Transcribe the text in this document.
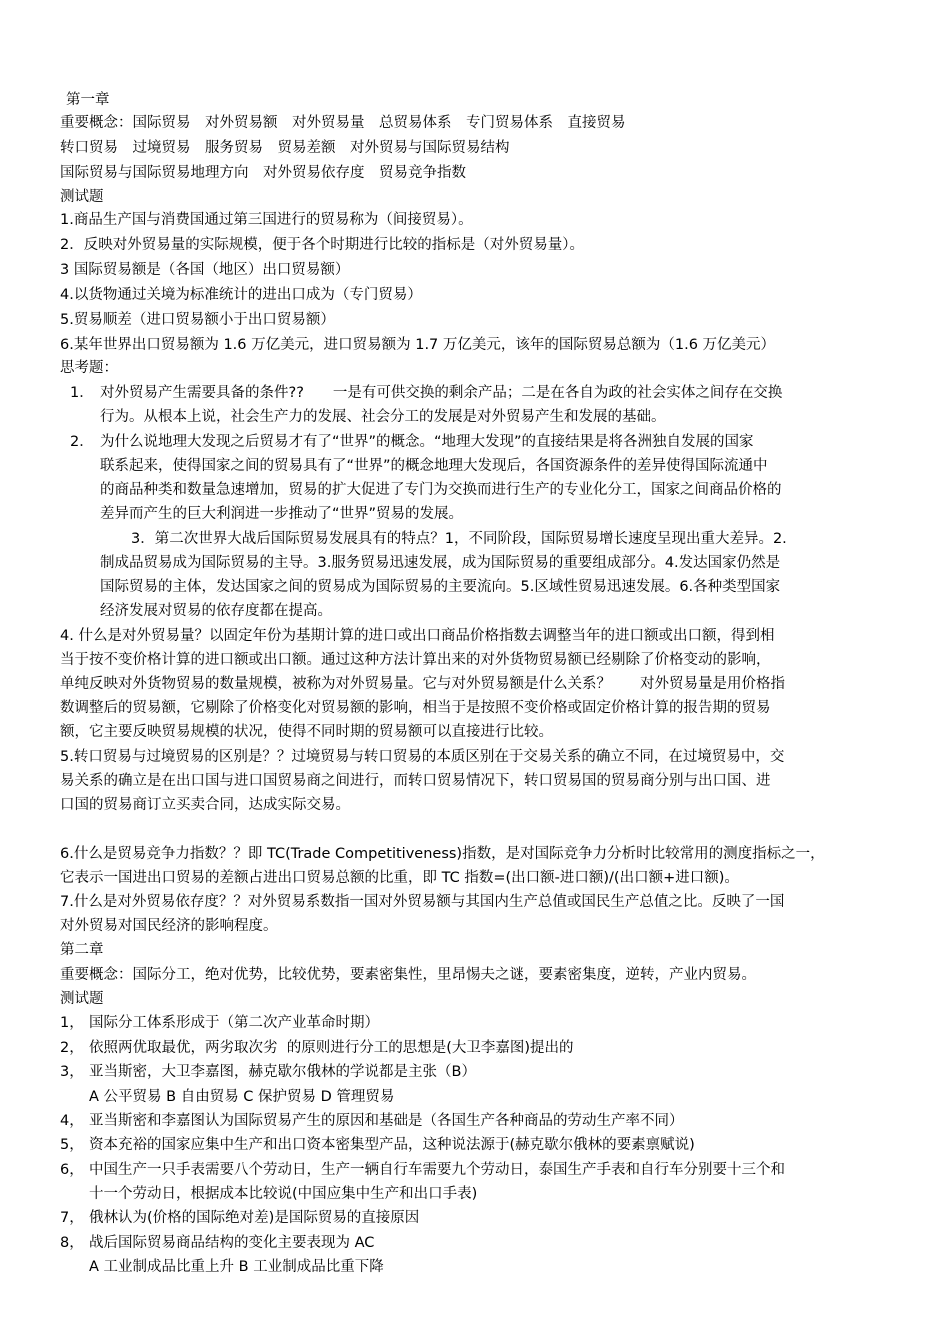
第一章
重要概念：国际贸易　对外贸易额　对外贸易量　总贸易体系　专门贸易体系　直接贸易
转口贸易　过境贸易　服务贸易　贸易差额　对外贸易与国际贸易结构
国际贸易与国际贸易地理方向　对外贸易依存度　贸易竞争指数
测试题
1.商品生产国与消费国通过第三国进行的贸易称为（间接贸易）。
2．反映对外贸易量的实际规模，便于各个时期进行比较的指标是（对外贸易量）。
3 国际贸易额是（各国（地区）出口贸易额）
4.以货物通过关境为标准统计的进出口成为（专门贸易）
5.贸易顺差（进口贸易额小于出口贸易额）
6.某年世界出口贸易额为 1.6 万亿美元，进口贸易额为 1.7 万亿美元，该年的国际贸易总额为（1.6 万亿美元）
思考题：
1． 对外贸易产生需要具备的条件??　　一是有可供交换的剩余产品；二是在各自为政的社会实体之间存在交换
行为。从根本上说，社会生产力的发展、社会分工的发展是对外贸易产生和发展的基础。
2． 为什么说地理大发现之后贸易才有了“世界”的概念。“地理大发现”的直接结果是将各洲独自发展的国家
联系起来，使得国家之间的贸易具有了“世界”的概念地理大发现后，各国资源条件的差异使得国际流通中
的商品种类和数量急速增加，贸易的扩大促进了专门为交换而进行生产的专业化分工，国家之间商品价格的
差异而产生的巨大利润进一步推动了“世界”贸易的发展。
3．第二次世界大战后国际贸易发展具有的特点？1，不同阶段，国际贸易增长速度呈现出重大差异。2.
制成品贸易成为国际贸易的主导。3.服务贸易迅速发展，成为国际贸易的重要组成部分。4.发达国家仍然是
国际贸易的主体，发达国家之间的贸易成为国际贸易的主要流向。5.区域性贸易迅速发展。6.各种类型国家
经济发展对贸易的依存度都在提高。
4. 什么是对外贸易量？以固定年份为基期计算的进口或出口商品价格指数去调整当年的进口额或出口额，得到相
当于按不变价格计算的进口额或出口额。通过这种方法计算出来的对外货物贸易额已经剔除了价格变动的影响，
单纯反映对外货物贸易的数量规模，被称为对外贸易量。它与对外贸易额是什么关系？　　对外贸易量是用价格指
数调整后的贸易额，它剔除了价格变化对贸易额的影响，相当于是按照不变价格或固定价格计算的报告期的贸易
额，它主要反映贸易规模的状况，使得不同时期的贸易额可以直接进行比较。
5.转口贸易与过境贸易的区别是？？过境贸易与转口贸易的本质区别在于交易关系的确立不同，在过境贸易中，交
易关系的确立是在出口国与进口国贸易商之间进行，而转口贸易情况下，转口贸易国的贸易商分别与出口国、进
口国的贸易商订立买卖合同，达成实际交易。
6.什么是贸易竞争力指数？？即 TC(Trade Competitiveness)指数，是对国际竞争力分析时比较常用的测度指标之一，
它表示一国进出口贸易的差额占进出口贸易总额的比重，即 TC 指数=(出口额-进口额)/(出口额+进口额)。
7.什么是对外贸易依存度？？对外贸易系数指一国对外贸易额与其国内生产总值或国民生产总值之比。反映了一国
对外贸易对国民经济的影响程度。
第二章
重要概念：国际分工，绝对优势，比较优势，要素密集性，里昂惕夫之谜，要素密集度，逆转，产业内贸易。
测试题
1， 国际分工体系形成于（第二次产业革命时期）
2， 依照两优取最优，两劣取次劣  的原则进行分工的思想是(大卫李嘉图)提出的
3， 亚当斯密，大卫李嘉图，赫克歇尔俄林的学说都是主张（B）
A 公平贸易 B 自由贸易 C 保护贸易 D 管理贸易
4， 亚当斯密和李嘉图认为国际贸易产生的原因和基础是（各国生产各种商品的劳动生产率不同）
5， 资本充裕的国家应集中生产和出口资本密集型产品，这种说法源于(赫克歇尔俄林的要素禀赋说)
6， 中国生产一只手表需要八个劳动日，生产一辆自行车需要九个劳动日，泰国生产手表和自行车分别要十三个和
十一个劳动日，根据成本比较说(中国应集中生产和出口手表)
7， 俄林认为(价格的国际绝对差)是国际贸易的直接原因
8， 战后国际贸易商品结构的变化主要表现为 AC
A 工业制成品比重上升 B 工业制成品比重下降
